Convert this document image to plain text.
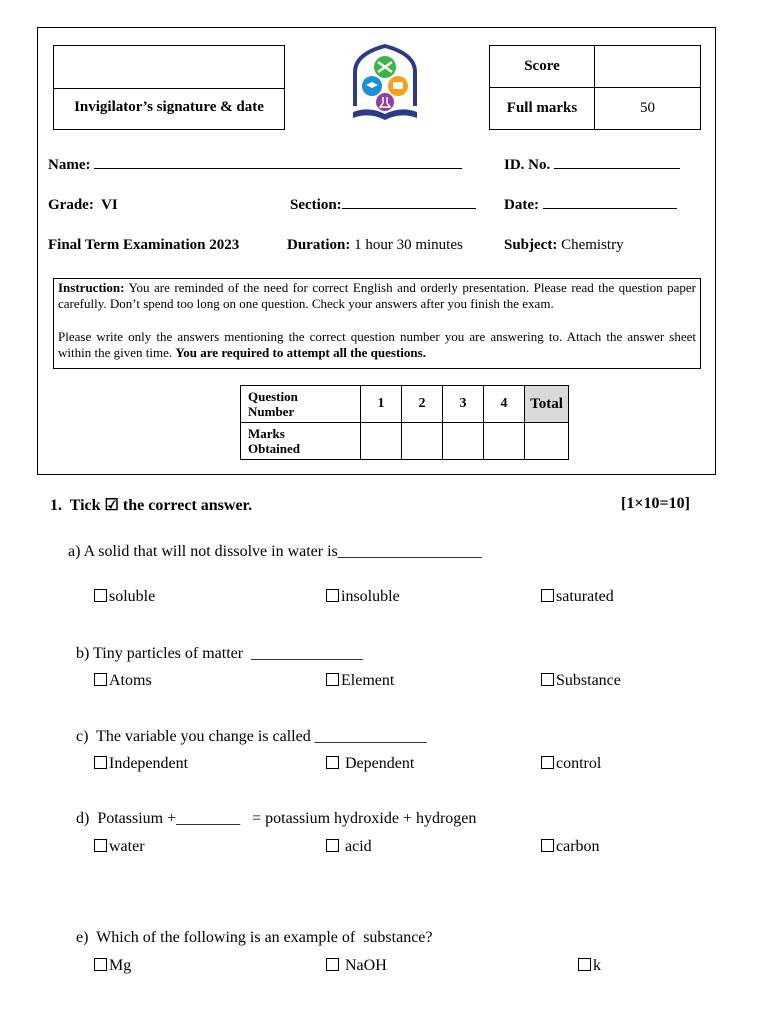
Invigilator’s signature & date
Score	
Full marks	50
Name:	ID. No.
Grade: VI	Section:	Date:
Final Term Examination 2023	Duration: 1 hour 30 minutes	Subject: Chemistry
Instruction: You are reminded of the need for correct English and orderly presentation. Please read the question paper carefully. Don’t spend too long on one question. Check your answers after you finish the exam.
Please write only the answers mentioning the correct question number you are answering to. Attach the answer sheet within the given time. You are required to attempt all the questions.
Question
Number	1	2	3	4	Total

Marks
Obtained					

1. Tick ☑ the correct answer.	[1×10=10]
a) A solid that will not dissolve in water is__________________
soluble	insoluble	saturated

b) Tiny particles of matter  ______________

Atoms	Element	Substance

c)  The variable you change is called ______________

Independent	Dependent	control

d)  Potassium +________   = potassium hydroxide + hydrogen

water	acid	carbon

e)  Which of the following is an example of  substance?

Mg	NaOH	k
